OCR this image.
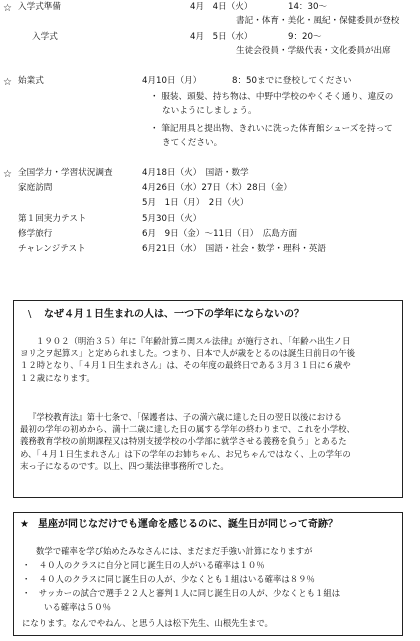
☆ 入学式準備	4月　4日（火）	14：30～
書記・体育・美化・風紀・保健委員が登校
入学式	4月　5日（水）	9：20～
生徒会役員・学級代表・文化委員が出席
☆ 始業式	4月10日（月）	8：50までに登校してください
・ 服装、頭髪、持ち物は、中野中学校のやくそく通り、違反の
ないようにしましょう。
・ 筆記用具と提出物、きれいに洗った体育館シューズを持って
きてください。
☆ 全国学力・学習状況調査	4月18日（火）　国語・数学
家庭訪問	4月26日（水）27日（木）28日（金）
5月　1日（月）　2日（火）
第１回実力テスト	5月30日（火）
修学旅行	6月　9日（金）～11日（日）　広島方面
チャレンジテスト	6月21日（水）　国語・社会・数学・理科・英語
\ なぜ４月１日生まれの人は、一つ下の学年にならないの？
１９０２（明治３５）年に『年齢計算ニ関スル法律』が施行され、「年齢ハ出生ノ日
ヨリ之ヲ起算ス」と定められました。つまり、日本で人が歳をとるのは誕生日前日の午後
１２時となり、「４月１日生まれさん」は、その年度の最終日である３月３１日に６歳や
１２歳になります。
『学校教育法』第十七条で、「保護者は、子の満六歳に達した日の翌日以後における
最初の学年の初めから、満十二歳に達した日の属する学年の終わりまで、これを小学校、
義務教育学校の前期課程又は特別支援学校の小学部に就学させる義務を負う」とあるた
め、「４月１日生まれさん」は下の学年のお姉ちゃん、お兄ちゃんではなく、上の学年の
末っ子になるのです。以上、四つ葉法律事務所でした。
★ 星座が同じなだけでも運命を感じるのに、誕生日が同じって奇跡？
数学で確率を学び始めたみなさんには、まだまだ手強い計算になりますが
・　４０人のクラスに自分と同じ誕生日の人がいる確率は１０％
・　４０人のクラスに同じ誕生日の人が、少なくとも１組はいる確率は８９％
・　サッカーの試合で選手２２人と審判１人に同じ誕生日の人が、少なくとも１組は
いる確率は５０％
になります。なんでやねん、と思う人は松下先生、山根先生まで。
